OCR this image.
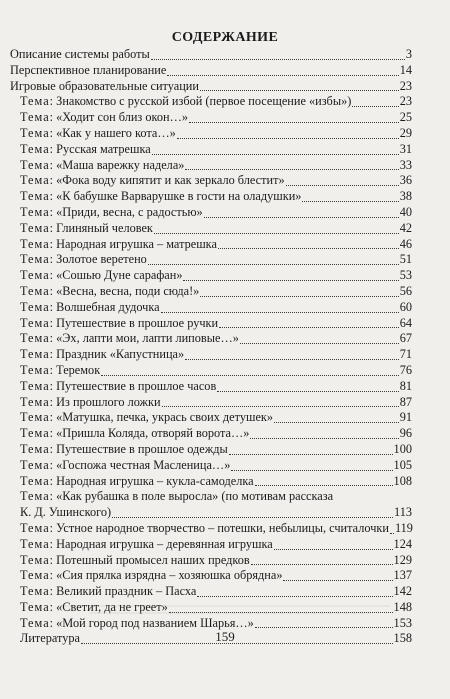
СОДЕРЖАНИЕ
Описание системы работы	3
Перспективное планирование	14
Игровые образовательные ситуации	23
Тема: Знакомство с русской избой (первое посещение «избы»)	23
Тема: «Ходит сон близ окон…»	25
Тема: «Как у нашего кота…»	29
Тема: Русская матрешка	31
Тема: «Маша варежку надела»	33
Тема: «Фока воду кипятит и как зеркало блестит»	36
Тема: «К бабушке Варварушке в гости на оладушки»	38
Тема: «Приди, весна, с радостью»	40
Тема: Глиняный человек	42
Тема: Народная игрушка – матрешка	46
Тема: Золотое веретено	51
Тема: «Сошью Дуне сарафан»	53
Тема: «Весна, весна, поди сюда!»	56
Тема: Волшебная дудочка	60
Тема: Путешествие в прошлое ручки	64
Тема: «Эх, лапти мои, лапти липовые…»	67
Тема: Праздник «Капустница»	71
Тема: Теремок	76
Тема: Путешествие в прошлое часов	81
Тема: Из прошлого ложки	87
Тема: «Матушка, печка, укрась своих детушек»	91
Тема: «Пришла Коляда, отворяй ворота…»	96
Тема: Путешествие в прошлое одежды	100
Тема: «Госпожа честная Масленица…»	105
Тема: Народная игрушка – кукла-самоделка	108
Тема: «Как рубашка в поле выросла» (по мотивам рассказа
К. Д. Ушинского)	113
Тема: Устное народное творчество – потешки, небылицы, считалочки 119
Тема: Народная игрушка – деревянная игрушка	124
Тема: Потешный промысел наших предков	129
Тема: «Сия прялка изрядна – хозяюшка обрядна»	137
Тема: Великий праздник – Пасха	142
Тема: «Светит, да не греет»	148
Тема: «Мой город под названием Шарья…»	153
Литература	158
159
